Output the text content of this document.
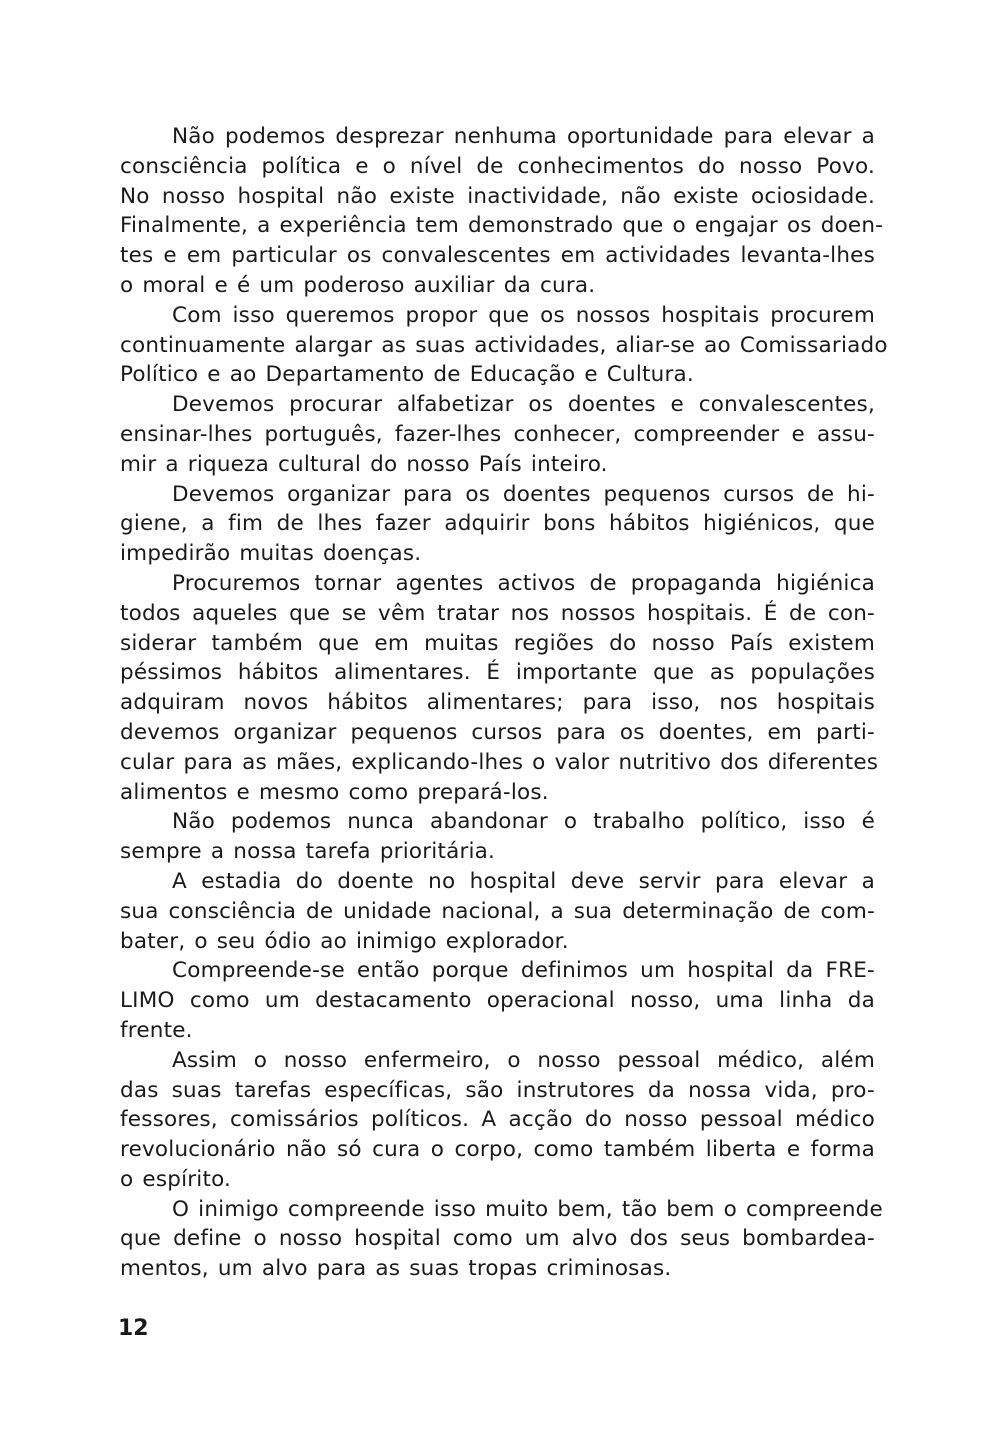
Não podemos desprezar nenhuma oportunidade para elevar a
consciência política e o nível de conhecimentos do nosso Povo.
No nosso hospital não existe inactividade, não existe ociosidade.
Finalmente, a experiência tem demonstrado que o engajar os doen-
tes e em particular os convalescentes em actividades levanta-lhes
o moral e é um poderoso auxiliar da cura.
Com isso queremos propor que os nossos hospitais procurem
continuamente alargar as suas actividades, aliar-se ao Comissariado
Político e ao Departamento de Educação e Cultura.
Devemos procurar alfabetizar os doentes e convalescentes,
ensinar-lhes português, fazer-lhes conhecer, compreender e assu-
mir a riqueza cultural do nosso País inteiro.
Devemos organizar para os doentes pequenos cursos de hi-
giene, a fim de lhes fazer adquirir bons hábitos higiénicos, que
impedirão muitas doenças.
Procuremos tornar agentes activos de propaganda higiénica
todos aqueles que se vêm tratar nos nossos hospitais. É de con-
siderar também que em muitas regiões do nosso País existem
péssimos hábitos alimentares. É importante que as populações
adquiram novos hábitos alimentares; para isso, nos hospitais
devemos organizar pequenos cursos para os doentes, em parti-
cular para as mães, explicando-lhes o valor nutritivo dos diferentes
alimentos e mesmo como prepará-los.
Não podemos nunca abandonar o trabalho político, isso é
sempre a nossa tarefa prioritária.
A estadia do doente no hospital deve servir para elevar a
sua consciência de unidade nacional, a sua determinação de com-
bater, o seu ódio ao inimigo explorador.
Compreende-se então porque definimos um hospital da FRE-
LIMO como um destacamento operacional nosso, uma linha da
frente.
Assim o nosso enfermeiro, o nosso pessoal médico, além
das suas tarefas específicas, são instrutores da nossa vida, pro-
fessores, comissários políticos. A acção do nosso pessoal médico
revolucionário não só cura o corpo, como também liberta e forma
o espírito.
O inimigo compreende isso muito bem, tão bem o compreende
que define o nosso hospital como um alvo dos seus bombardea-
mentos, um alvo para as suas tropas criminosas.
12
